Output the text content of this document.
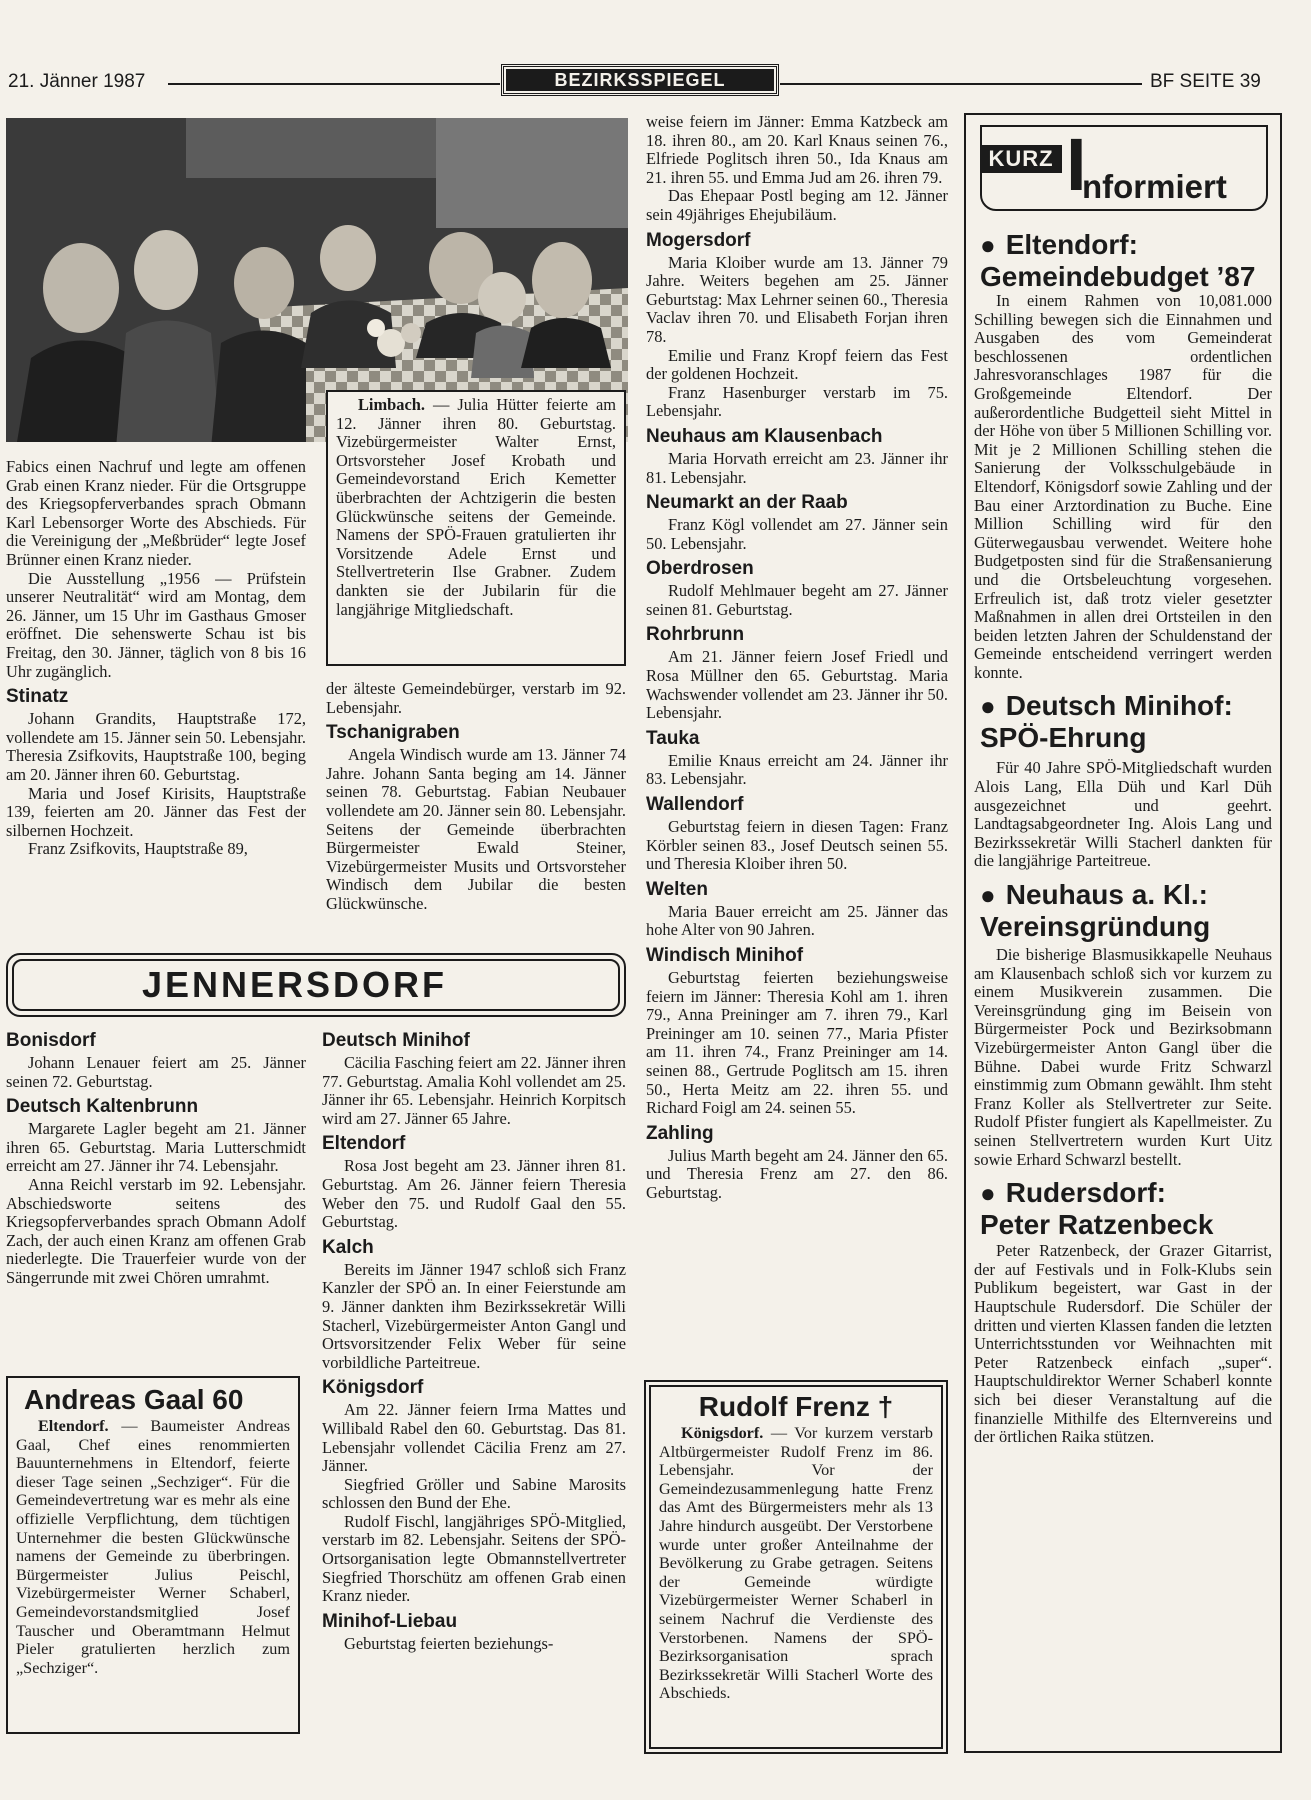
21. Jänner 1987	BEZIRKSSPIEGEL	BF SEITE 39

Limbach. — Julia Hütter feierte am 12. Jänner ihren 80. Geburtstag. Vizebürgermeister Walter Ernst, Ortsvorsteher Josef Krobath und Gemeindevorstand Erich Kemetter überbrachten der Achtzigerin die besten Glückwünsche seitens der Gemeinde. Namens der SPÖ-Frauen gratulierten ihr Vorsitzende Adele Ernst und Stellvertreterin Ilse Grabner. Zudem dankten sie der Jubilarin für die langjährige Mitgliedschaft.

Fabics einen Nachruf und legte am offenen Grab einen Kranz nieder. Für die Ortsgruppe des Kriegsopferverbandes sprach Obmann Karl Lebensorger Worte des Abschieds. Für die Vereinigung der „Meßbrüder“ legte Josef Brünner einen Kranz nieder.

Die Ausstellung „1956 — Prüfstein unserer Neutralität“ wird am Montag, dem 26. Jänner, um 15 Uhr im Gasthaus Gmoser eröffnet. Die sehenswerte Schau ist bis Freitag, den 30. Jänner, täglich von 8 bis 16 Uhr zugänglich.

Stinatz

Johann Grandits, Hauptstraße 172, vollendete am 15. Jänner sein 50. Lebensjahr. Theresia Zsifkovits, Hauptstraße 100, beging am 20. Jänner ihren 60. Geburtstag.

Maria und Josef Kirisits, Hauptstraße 139, feierten am 20. Jänner das Fest der silbernen Hochzeit.

Franz Zsifkovits, Hauptstraße 89,

der älteste Gemeindebürger, verstarb im 92. Lebensjahr.

Tschanigraben

Angela Windisch wurde am 13. Jänner 74 Jahre. Johann Santa beging am 14. Jänner seinen 78. Geburtstag. Fabian Neubauer vollendete am 20. Jänner sein 80. Lebensjahr. Seitens der Gemeinde überbrachten Bürgermeister Ewald Steiner, Vizebürgermeister Musits und Ortsvorsteher Windisch dem Jubilar die besten Glückwünsche.

weise feiern im Jänner: Emma Katzbeck am 18. ihren 80., am 20. Karl Knaus seinen 76., Elfriede Poglitsch ihren 50., Ida Knaus am 21. ihren 55. und Emma Jud am 26. ihren 79.

Das Ehepaar Postl beging am 12. Jänner sein 49jähriges Ehejubiläum.

Mogersdorf

Maria Kloiber wurde am 13. Jänner 79 Jahre. Weiters begehen am 25. Jänner Geburtstag: Max Lehrner seinen 60., Theresia Vaclav ihren 70. und Elisabeth Forjan ihren 78.

Emilie und Franz Kropf feiern das Fest der goldenen Hochzeit.

Franz Hasenburger verstarb im 75. Lebensjahr.

Neuhaus am Klausenbach

Maria Horvath erreicht am 23. Jänner ihr 81. Lebensjahr.

Neumarkt an der Raab

Franz Kögl vollendet am 27. Jänner sein 50. Lebensjahr.

Oberdrosen

Rudolf Mehlmauer begeht am 27. Jänner seinen 81. Geburtstag.

Rohrbrunn

Am 21. Jänner feiern Josef Friedl und Rosa Müllner den 65. Geburtstag. Maria Wachswender vollendet am 23. Jänner ihr 50. Lebensjahr.

Tauka

Emilie Knaus erreicht am 24. Jänner ihr 83. Lebensjahr.

Wallendorf

Geburtstag feiern in diesen Tagen: Franz Körbler seinen 83., Josef Deutsch seinen 55. und Theresia Kloiber ihren 50.

Welten

Maria Bauer erreicht am 25. Jänner das hohe Alter von 90 Jahren.

Windisch Minihof

Geburtstag feierten beziehungsweise feiern im Jänner: Theresia Kohl am 1. ihren 79., Anna Preininger am 7. ihren 79., Karl Preininger am 10. seinen 77., Maria Pfister am 11. ihren 74., Franz Preininger am 14. seinen 88., Gertrude Poglitsch am 15. ihren 50., Herta Meitz am 22. ihren 55. und Richard Foigl am 24. seinen 55.

Zahling

Julius Marth begeht am 24. Jänner den 65. und Theresia Frenz am 27. den 86. Geburtstag.

JENNERSDORF
Bonisdorf

Johann Lenauer feiert am 25. Jänner seinen 72. Geburtstag.

Deutsch Kaltenbrunn

Margarete Lagler begeht am 21. Jänner ihren 65. Geburtstag. Maria Lutterschmidt erreicht am 27. Jänner ihr 74. Lebensjahr.

Anna Reichl verstarb im 92. Lebensjahr. Abschiedsworte seitens des Kriegsopferverbandes sprach Obmann Adolf Zach, der auch einen Kranz am offenen Grab niederlegte. Die Trauerfeier wurde von der Sängerrunde mit zwei Chören umrahmt.

Andreas Gaal 60

Eltendorf. — Baumeister Andreas Gaal, Chef eines renommierten Bauunternehmens in Eltendorf, feierte dieser Tage seinen „Sechziger“. Für die Gemeindevertretung war es mehr als eine offizielle Verpflichtung, dem tüchtigen Unternehmer die besten Glückwünsche namens der Gemeinde zu überbringen. Bürgermeister Julius Peischl, Vizebürgermeister Werner Schaberl, Gemeindevorstandsmitglied Josef Tauscher und Oberamtmann Helmut Pieler gratulierten herzlich zum „Sechziger“.

Deutsch Minihof

Cäcilia Fasching feiert am 22. Jänner ihren 77. Geburtstag. Amalia Kohl vollendet am 25. Jänner ihr 65. Lebensjahr. Heinrich Korpitsch wird am 27. Jänner 65 Jahre.

Eltendorf

Rosa Jost begeht am 23. Jänner ihren 81. Geburtstag. Am 26. Jänner feiern Theresia Weber den 75. und Rudolf Gaal den 55. Geburtstag.

Kalch

Bereits im Jänner 1947 schloß sich Franz Kanzler der SPÖ an. In einer Feierstunde am 9. Jänner dankten ihm Bezirkssekretär Willi Stacherl, Vizebürgermeister Anton Gangl und Ortsvorsitzender Felix Weber für seine vorbildliche Parteitreue.

Königsdorf

Am 22. Jänner feiern Irma Mattes und Willibald Rabel den 60. Geburtstag. Das 81. Lebensjahr vollendet Cäcilia Frenz am 27. Jänner.

Siegfried Gröller und Sabine Marosits schlossen den Bund der Ehe.

Rudolf Fischl, langjähriges SPÖ-Mitglied, verstarb im 82. Lebensjahr. Seitens der SPÖ-Ortsorganisation legte Obmannstellvertreter Siegfried Thorschütz am offenen Grab einen Kranz nieder.

Minihof-Liebau

Geburtstag feierten beziehungs-

Rudolf Frenz †

Königsdorf. — Vor kurzem verstarb Altbürgermeister Rudolf Frenz im 86. Lebensjahr. Vor der Gemeindezusammenlegung hatte Frenz das Amt des Bürgermeisters mehr als 13 Jahre hindurch ausgeübt. Der Verstorbene wurde unter großer Anteilnahme der Bevölkerung zu Grabe getragen. Seitens der Gemeinde würdigte Vizebürgermeister Werner Schaberl in seinem Nachruf die Verdienste des Verstorbenen. Namens der SPÖ-Bezirksorganisation sprach Bezirkssekretär Willi Stacherl Worte des Abschieds.

KURZ I
nformiert
● Eltendorf:
Gemeindebudget ’87

In einem Rahmen von 10,081.000 Schilling bewegen sich die Einnahmen und Ausgaben des vom Gemeinderat beschlossenen ordentlichen Jahresvoranschlages 1987 für die Großgemeinde Eltendorf. Der außerordentliche Budgetteil sieht Mittel in der Höhe von über 5 Millionen Schilling vor. Mit je 2 Millionen Schilling stehen die Sanierung der Volksschulgebäude in Eltendorf, Königsdorf sowie Zahling und der Bau einer Arztordination zu Buche. Eine Million Schilling wird für den Güterwegausbau verwendet. Weitere hohe Budgetposten sind für die Straßensanierung und die Ortsbeleuchtung vorgesehen. Erfreulich ist, daß trotz vieler gesetzter Maßnahmen in allen drei Ortsteilen in den beiden letzten Jahren der Schuldenstand der Gemeinde entscheidend verringert werden konnte.

● Deutsch Minihof:
SPÖ-Ehrung

Für 40 Jahre SPÖ-Mitgliedschaft wurden Alois Lang, Ella Düh und Karl Düh ausgezeichnet und geehrt. Landtagsabgeordneter Ing. Alois Lang und Bezirkssekretär Willi Stacherl dankten für die langjährige Parteitreue.

● Neuhaus a. Kl.:
Vereinsgründung

Die bisherige Blasmusikkapelle Neuhaus am Klausenbach schloß sich vor kurzem zu einem Musikverein zusammen. Die Vereinsgründung ging im Beisein von Bürgermeister Pock und Bezirksobmann Vizebürgermeister Anton Gangl über die Bühne. Dabei wurde Fritz Schwarzl einstimmig zum Obmann gewählt. Ihm steht Franz Koller als Stellvertreter zur Seite. Rudolf Pfister fungiert als Kapellmeister. Zu seinen Stellvertretern wurden Kurt Uitz sowie Erhard Schwarzl bestellt.

● Rudersdorf:
Peter Ratzenbeck

Peter Ratzenbeck, der Grazer Gitarrist, der auf Festivals und in Folk-Klubs sein Publikum begeistert, war Gast in der Hauptschule Rudersdorf. Die Schüler der dritten und vierten Klassen fanden die letzten Unterrichtsstunden vor Weihnachten mit Peter Ratzenbeck einfach „super“. Hauptschuldirektor Werner Schaberl konnte sich bei dieser Veranstaltung auf die finanzielle Mithilfe des Elternvereins und der örtlichen Raika stützen.
